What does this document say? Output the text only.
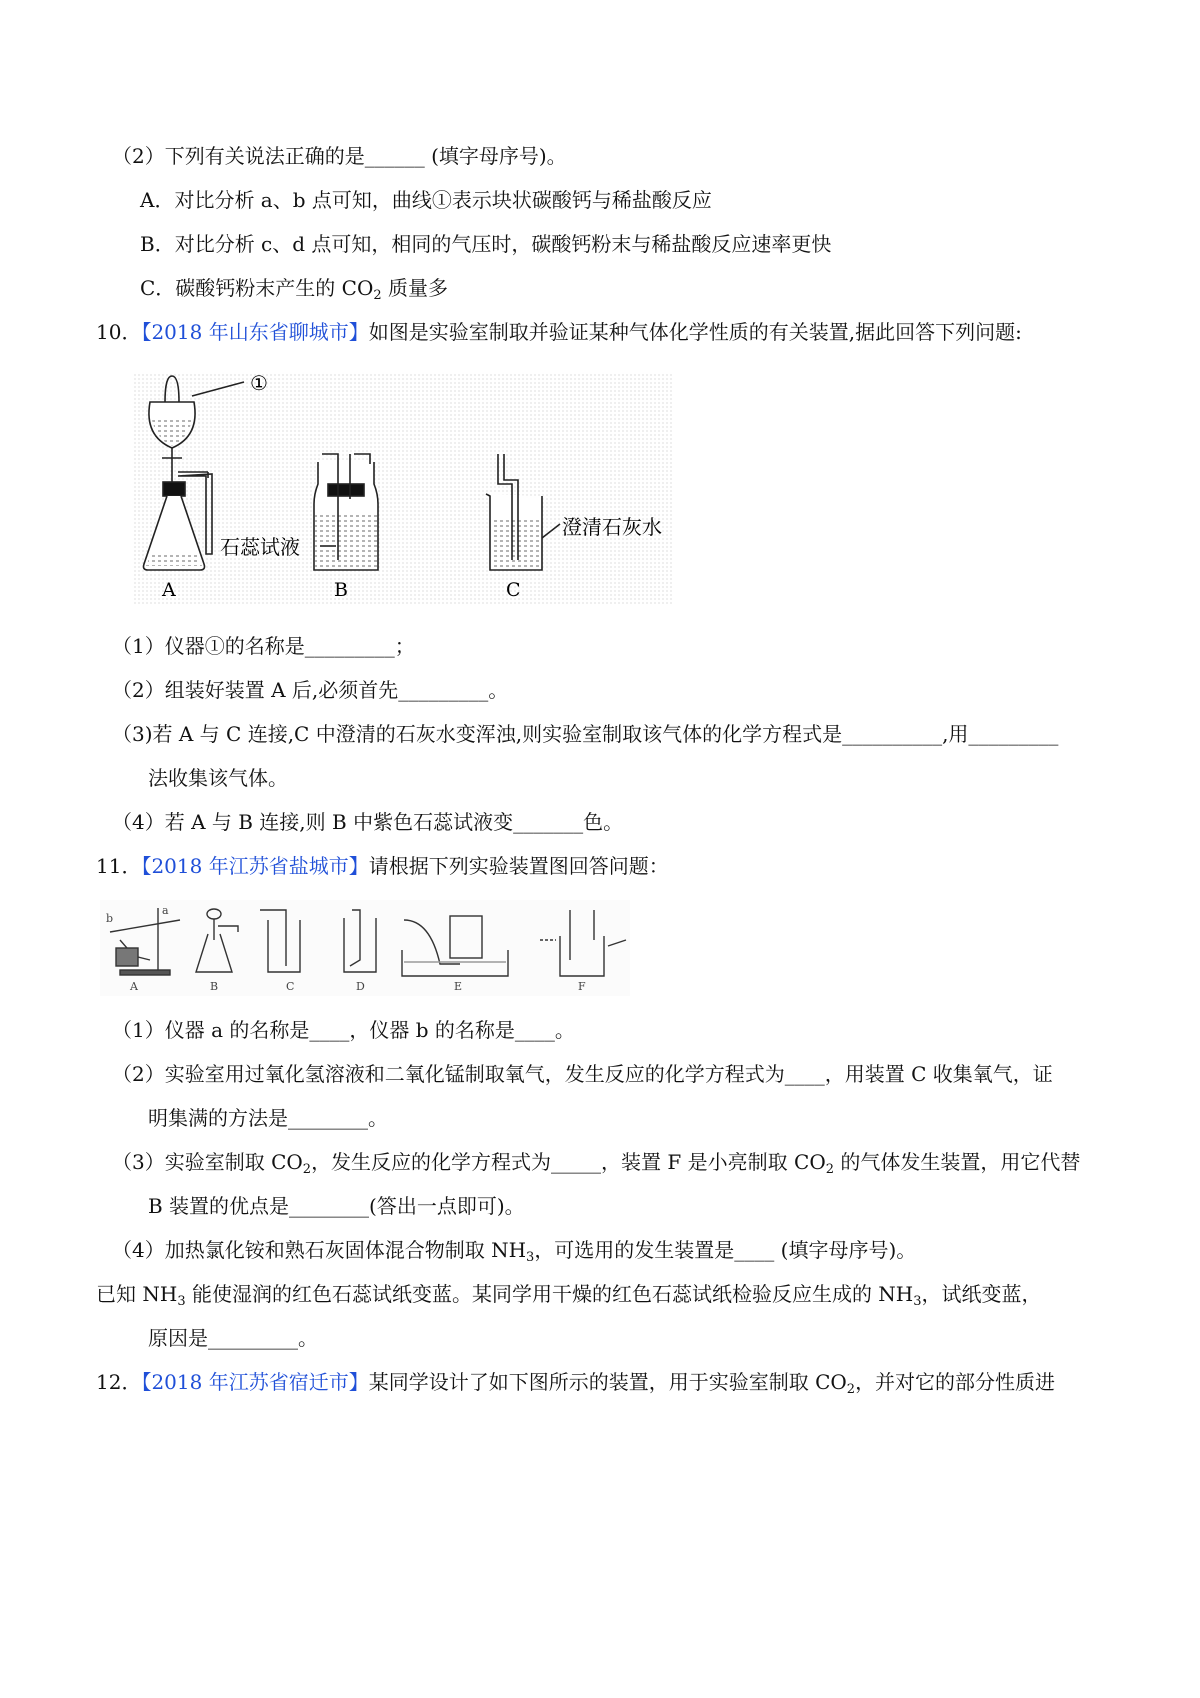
（2）下列有关说法正确的是______ (填字母序号)。
A．对比分析 a、b 点可知，曲线①表示块状碳酸钙与稀盐酸反应
B．对比分析 c、d 点可知，相同的气压时，碳酸钙粉末与稀盐酸反应速率更快
C．碳酸钙粉末产生的 $CO_2$ 质量多
10．【2018 年山东省聊城市】如图是实验室制取并验证某种气体化学性质的有关装置,据此回答下列问题:
①
A
石蕊试液
B
澄清石灰水
C
（1）仪器①的名称是_________；
（2）组装好装置 A 后,必须首先_________。
（3)若 A 与 C 连接,C 中澄清的石灰水变浑浊,则实验室制取该气体的化学方程式是__________,用_________
法收集该气体。
（4）若 A 与 B 连接,则 B 中紫色石蕊试液变_______色。
11．【2018 年江苏省盐城市】请根据下列实验装置图回答问题：
A	B	C	D	E	F
b
a
（1）仪器 a 的名称是____，仪器 b 的名称是____。
（2）实验室用过氧化氢溶液和二氧化锰制取氧气，发生反应的化学方程式为____，用装置 C 收集氧气，证
明集满的方法是________。
（3）实验室制取 $CO_2$，发生反应的化学方程式为_____，装置 F 是小亮制取 $CO_2$ 的气体发生装置，用它代替
B 装置的优点是________(答出一点即可)。
（4）加热氯化铵和熟石灰固体混合物制取 $NH_3$，可选用的发生装置是____ (填字母序号)。
已知 $NH_3$ 能使湿润的红色石蕊试纸变蓝。某同学用干燥的红色石蕊试纸检验反应生成的 $NH_3$，试纸变蓝，
原因是_________。
12．【2018 年江苏省宿迁市】某同学设计了如下图所示的装置，用于实验室制取 $CO_2$，并对它的部分性质进
